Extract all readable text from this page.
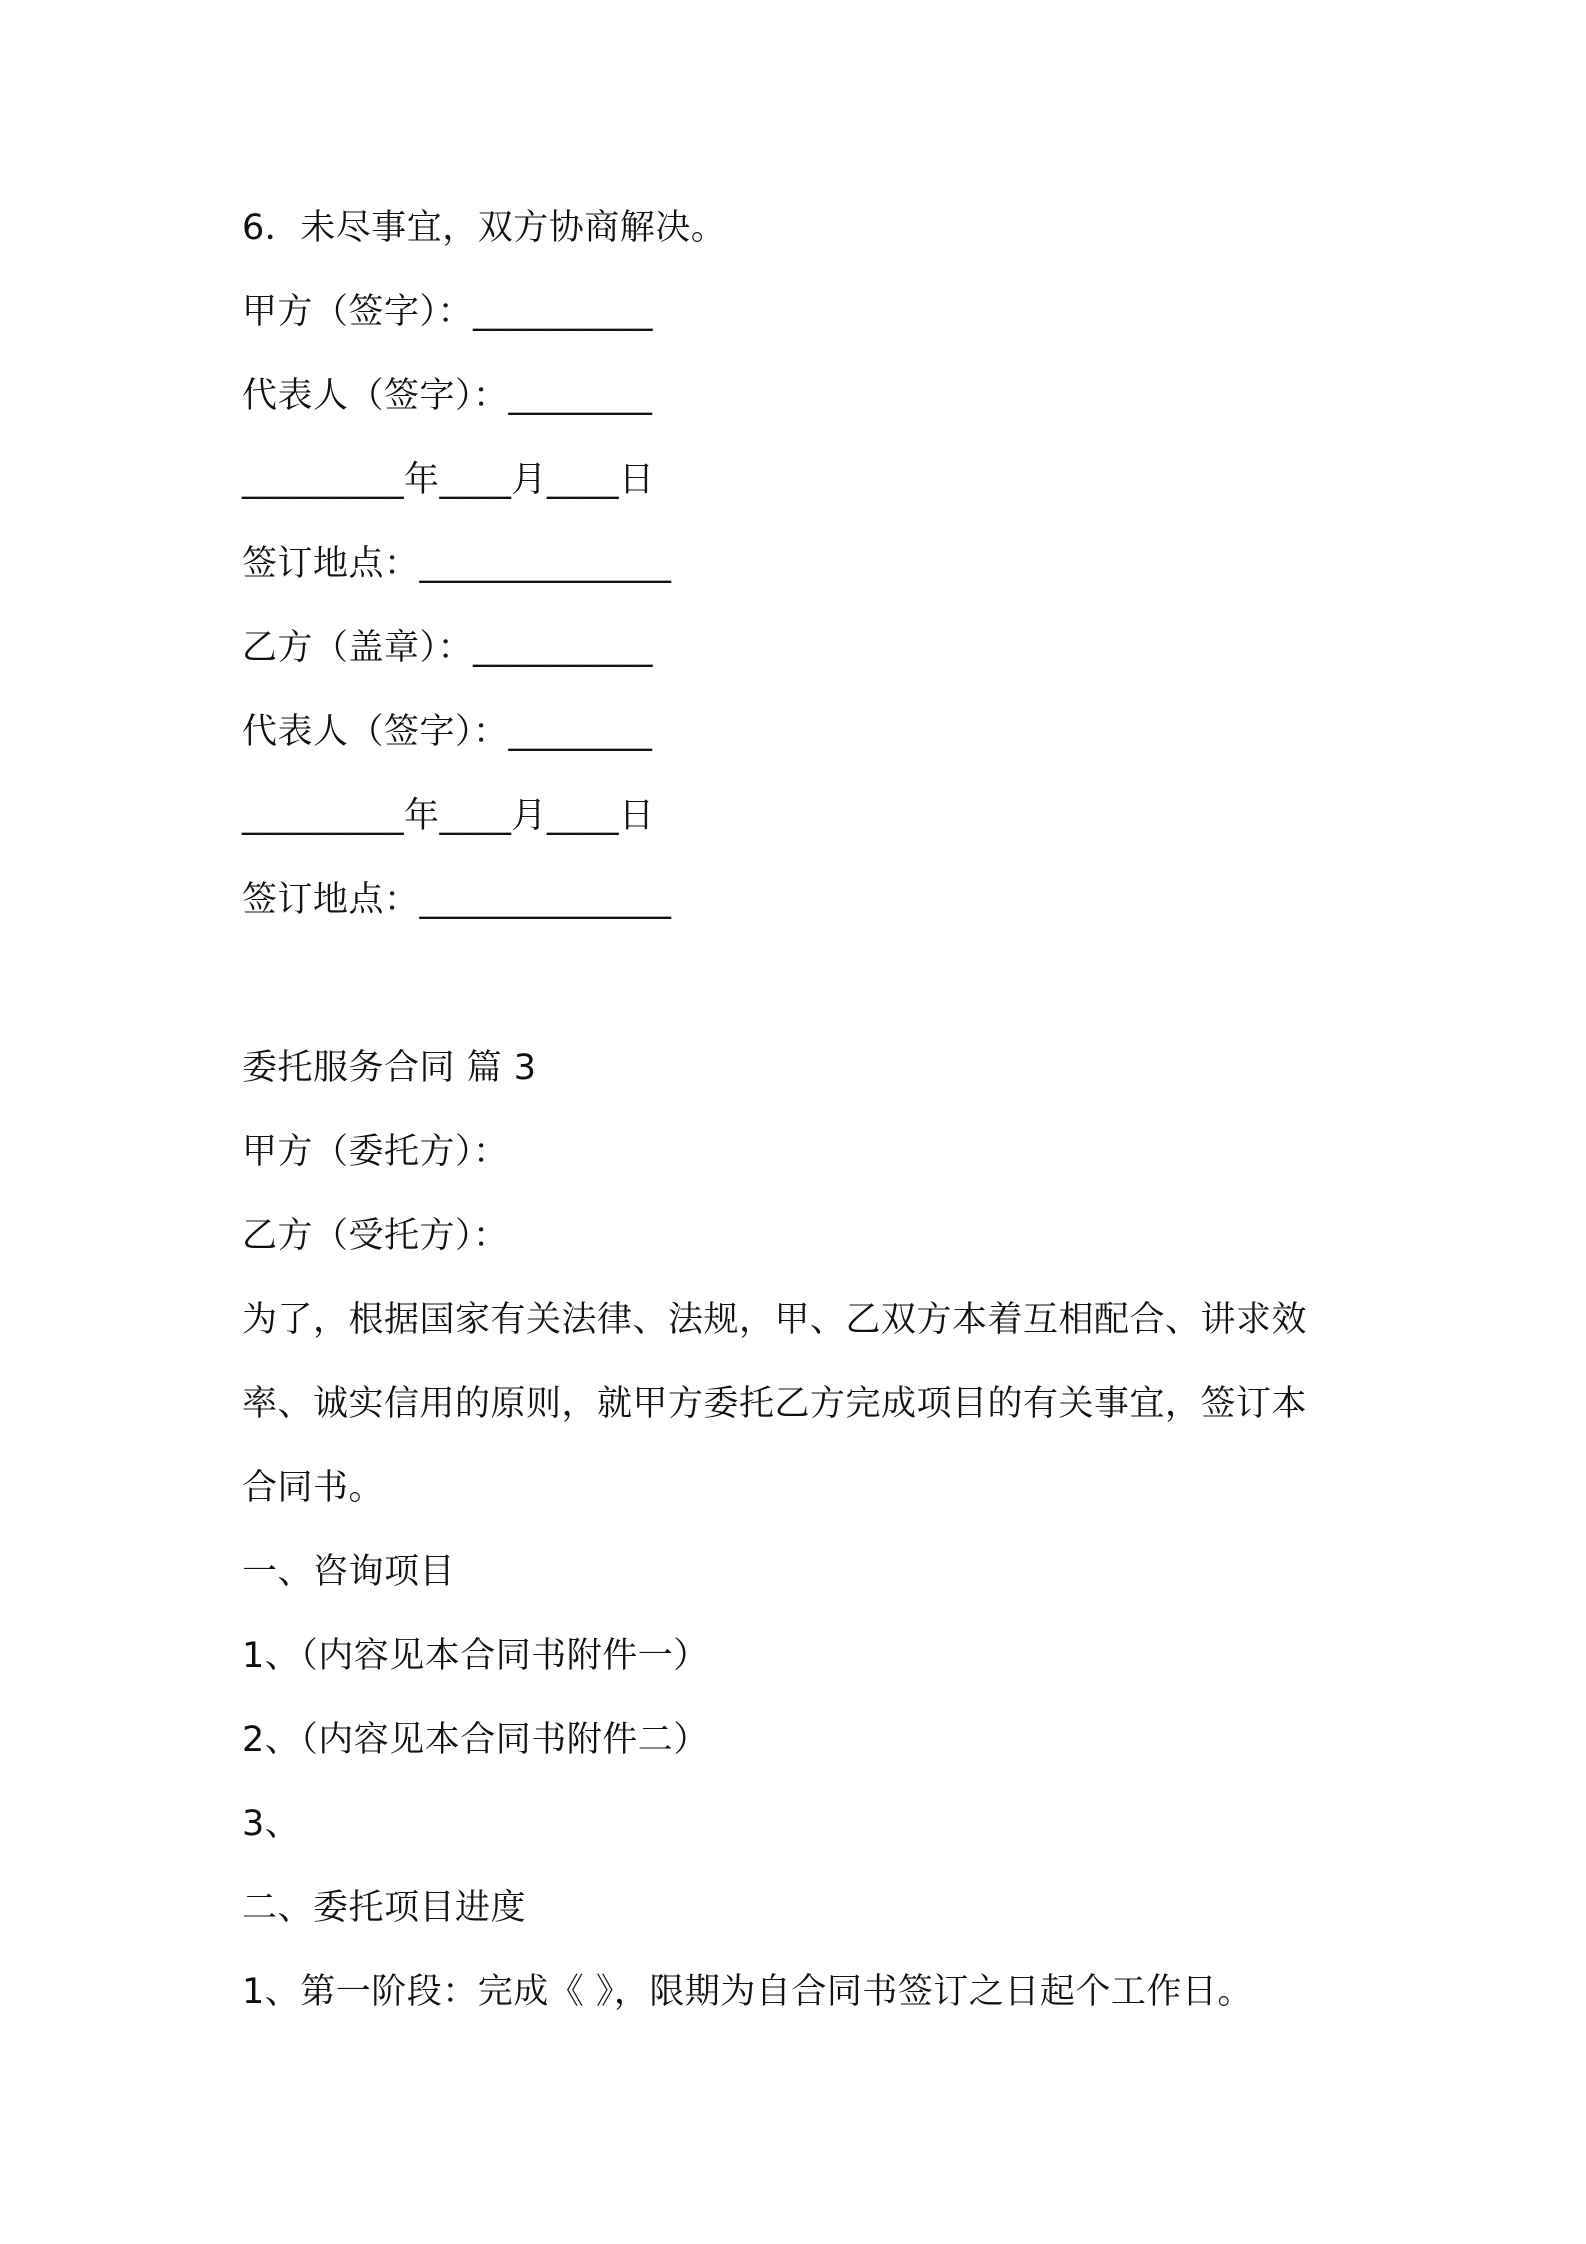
6．未尽事宜，双方协商解决。
甲方（签字）：__________
代表人（签字）：________
_________年____月____日
签订地点：______________
乙方（盖章）：__________
代表人（签字）：________
_________年____月____日
签订地点：______________
委托服务合同 篇 3
甲方（委托方）：
乙方（受托方）：
为了，根据国家有关法律、法规，甲、乙双方本着互相配合、讲求效
率、诚实信用的原则，就甲方委托乙方完成项目的有关事宜，签订本
合同书。
一、咨询项目
1、（内容见本合同书附件一）
2、（内容见本合同书附件二）
3、
二、委托项目进度
1、第一阶段：完成《 》，限期为自合同书签订之日起个工作日。
